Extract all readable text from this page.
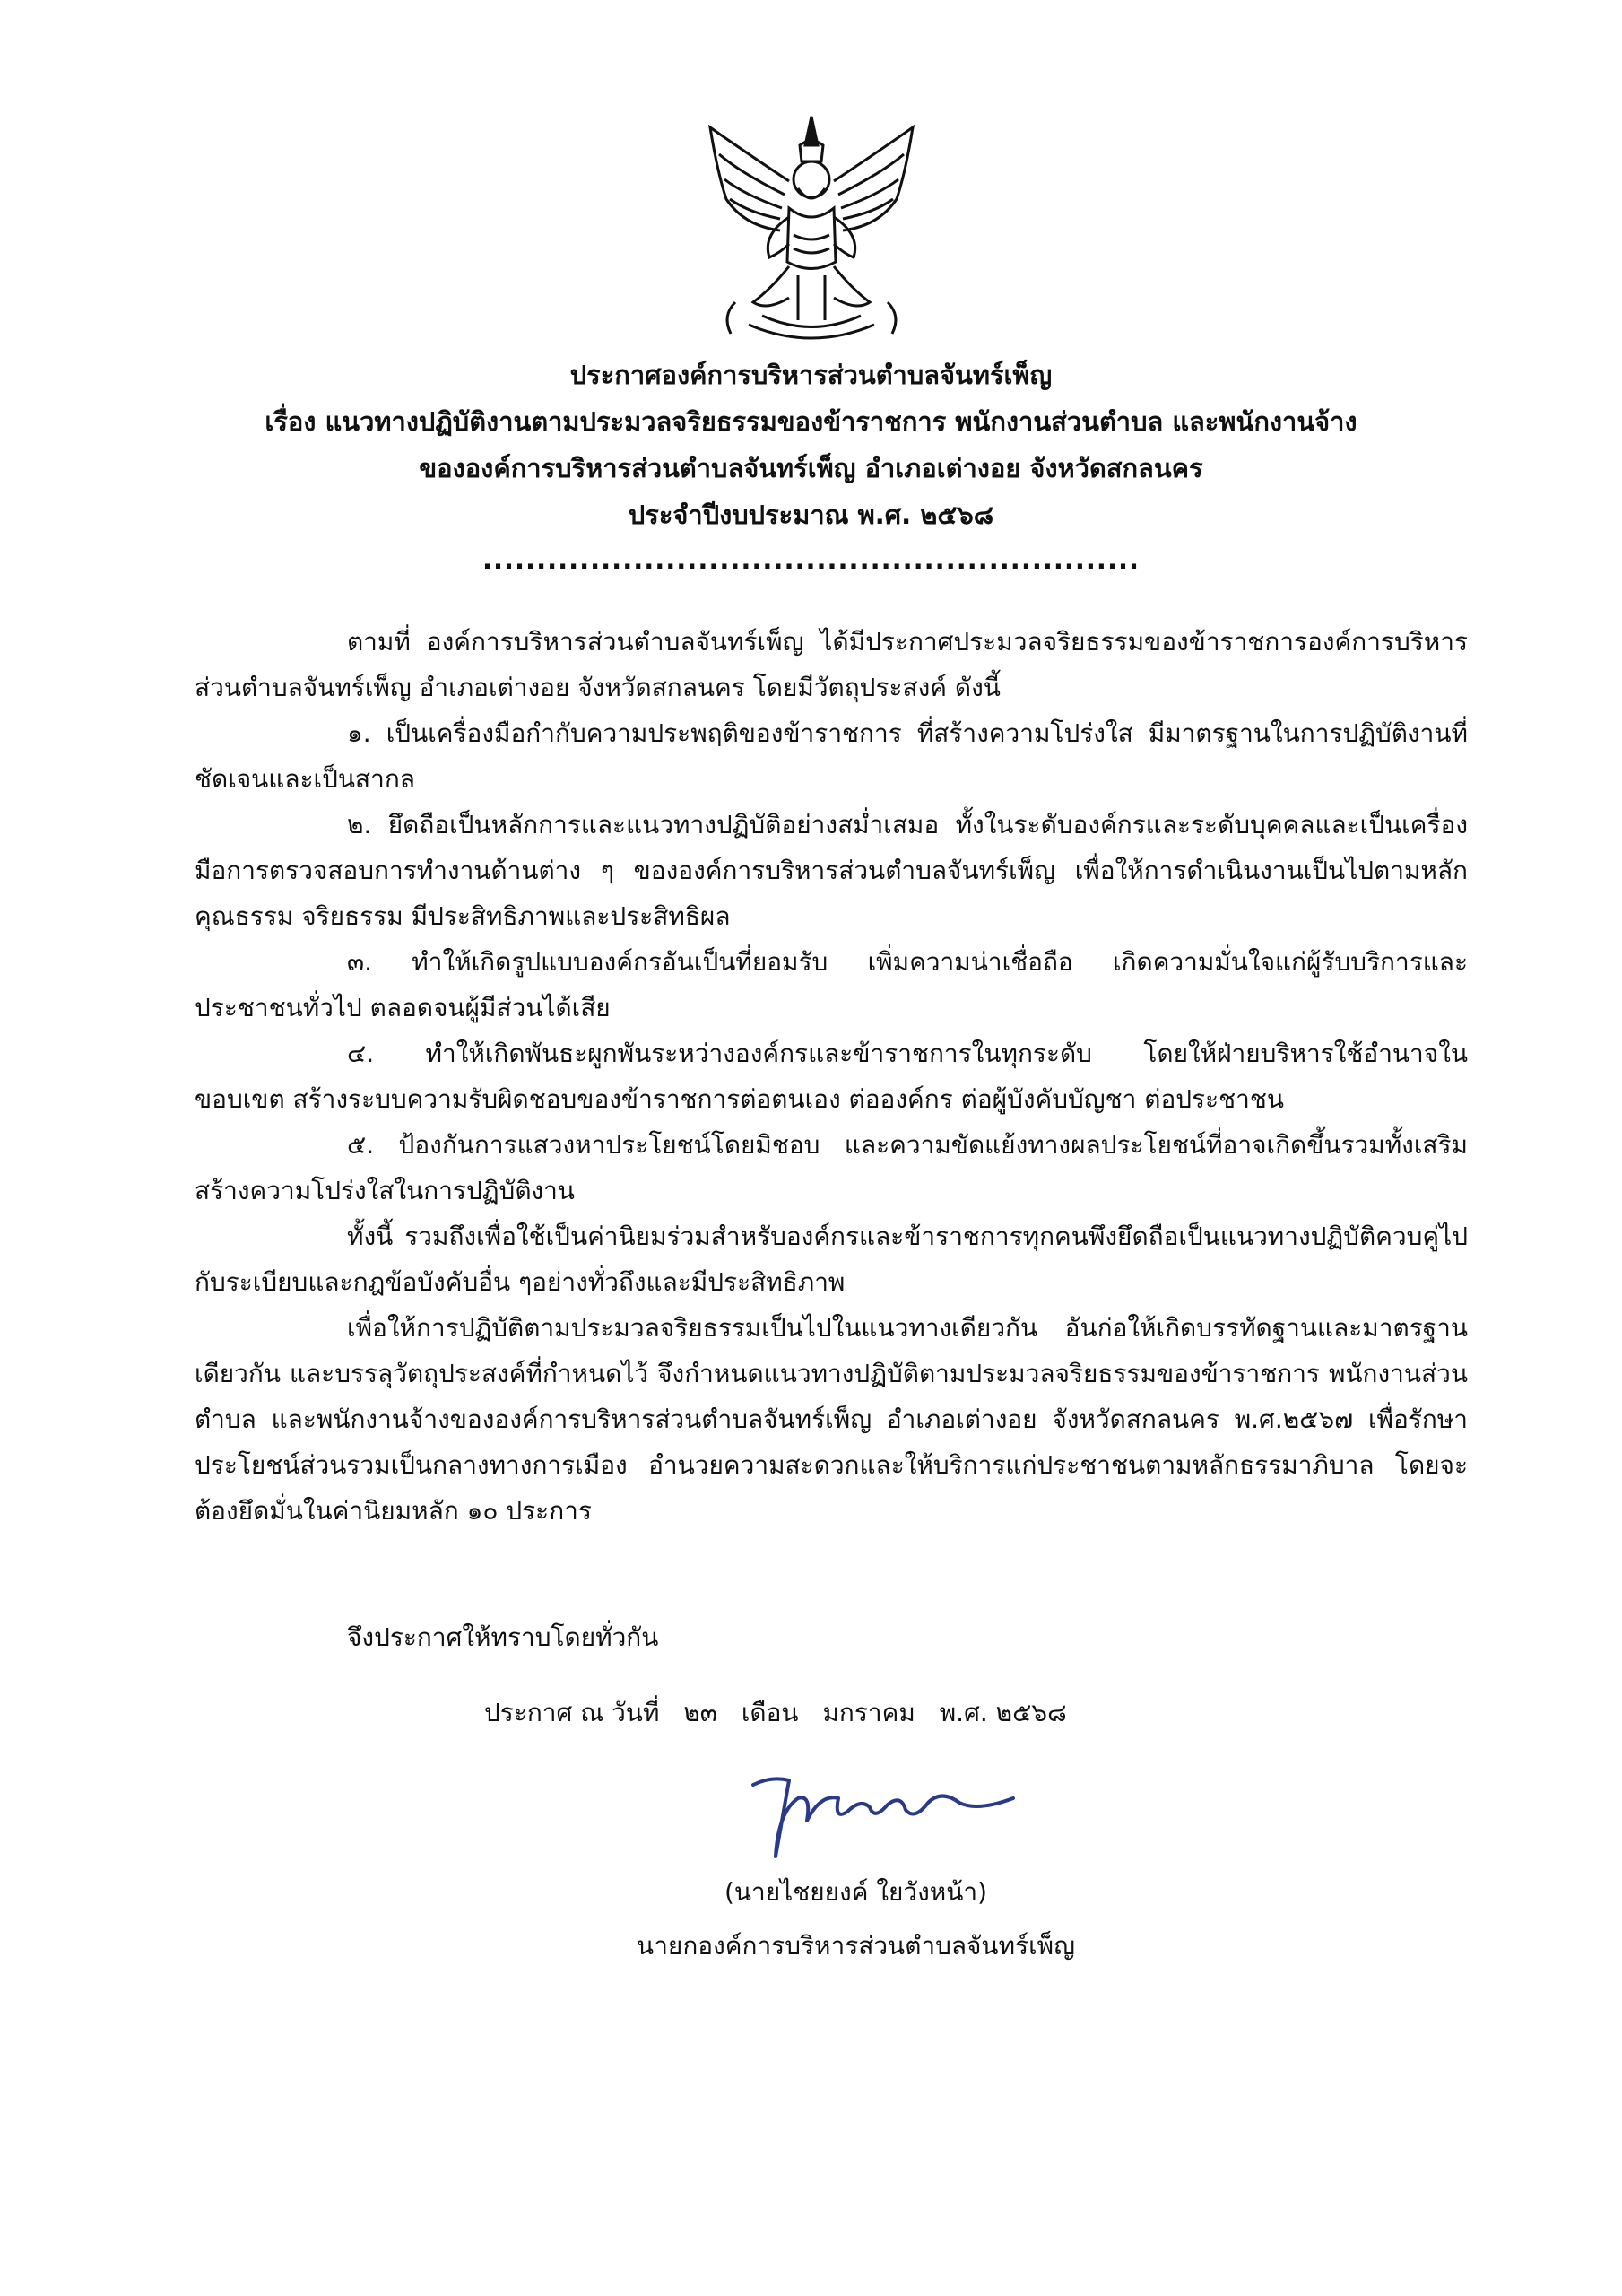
ประกาศองค์การบริหารส่วนตำบลจันทร์เพ็ญ
เรื่อง แนวทางปฏิบัติงานตามประมวลจริยธรรมของข้าราชการ พนักงานส่วนตำบล และพนักงานจ้าง
ขององค์การบริหารส่วนตำบลจันทร์เพ็ญ อำเภอเต่างอย จังหวัดสกลนคร
ประจำปีงบประมาณ พ.ศ. ๒๕๖๘
.............................................................

ตามที่ องค์การบริหารส่วนตำบลจันทร์เพ็ญ ได้มีประกาศประมวลจริยธรรมของข้าราชการองค์การบริหารส่วนตำบลจันทร์เพ็ญ อำเภอเต่างอย จังหวัดสกลนคร โดยมีวัตถุประสงค์ ดังนี้

๑. เป็นเครื่องมือกำกับความประพฤติของข้าราชการ ที่สร้างความโปร่งใส มีมาตรฐานในการปฏิบัติงานที่ชัดเจนและเป็นสากล

๒. ยึดถือเป็นหลักการและแนวทางปฏิบัติอย่างสม่ำเสมอ ทั้งในระดับองค์กรและระดับบุคคลและเป็นเครื่องมือการตรวจสอบการทำงานด้านต่าง ๆ ขององค์การบริหารส่วนตำบลจันทร์เพ็ญ เพื่อให้การดำเนินงานเป็นไปตามหลักคุณธรรม จริยธรรม มีประสิทธิภาพและประสิทธิผล

๓. ทำให้เกิดรูปแบบองค์กรอันเป็นที่ยอมรับ เพิ่มความน่าเชื่อถือ เกิดความมั่นใจแก่ผู้รับบริการและประชาชนทั่วไป ตลอดจนผู้มีส่วนได้เสีย

๔. ทำให้เกิดพันธะผูกพันระหว่างองค์กรและข้าราชการในทุกระดับ โดยให้ฝ่ายบริหารใช้อำนาจในขอบเขต สร้างระบบความรับผิดชอบของข้าราชการต่อตนเอง ต่อองค์กร ต่อผู้บังคับบัญชา ต่อประชาชน

๕. ป้องกันการแสวงหาประโยชน์โดยมิชอบ และความขัดแย้งทางผลประโยชน์ที่อาจเกิดขึ้นรวมทั้งเสริมสร้างความโปร่งใสในการปฏิบัติงาน

ทั้งนี้ รวมถึงเพื่อใช้เป็นค่านิยมร่วมสำหรับองค์กรและข้าราชการทุกคนพึงยึดถือเป็นแนวทางปฏิบัติควบคู่ไปกับระเบียบและกฎข้อบังคับอื่น ๆอย่างทั่วถึงและมีประสิทธิภาพ

เพื่อให้การปฏิบัติตามประมวลจริยธรรมเป็นไปในแนวทางเดียวกัน อันก่อให้เกิดบรรทัดฐานและมาตรฐานเดียวกัน และบรรลุวัตถุประสงค์ที่กำหนดไว้ จึงกำหนดแนวทางปฏิบัติตามประมวลจริยธรรมของข้าราชการ พนักงานส่วนตำบล และพนักงานจ้างขององค์การบริหารส่วนตำบลจันทร์เพ็ญ อำเภอเต่างอย จังหวัดสกลนคร พ.ศ.๒๕๖๗ เพื่อรักษาประโยชน์ส่วนรวมเป็นกลางทางการเมือง อำนวยความสะดวกและให้บริการแก่ประชาชนตามหลักธรรมาภิบาล โดยจะต้องยึดมั่นในค่านิยมหลัก ๑๐ ประการ

จึงประกาศให้ทราบโดยทั่วกัน
ประกาศ ณ วันที่ ๒๓ เดือน มกราคม พ.ศ. ๒๕๖๘
(นายไชยยงค์ ใยวังหน้า)
นายกองค์การบริหารส่วนตำบลจันทร์เพ็ญ
